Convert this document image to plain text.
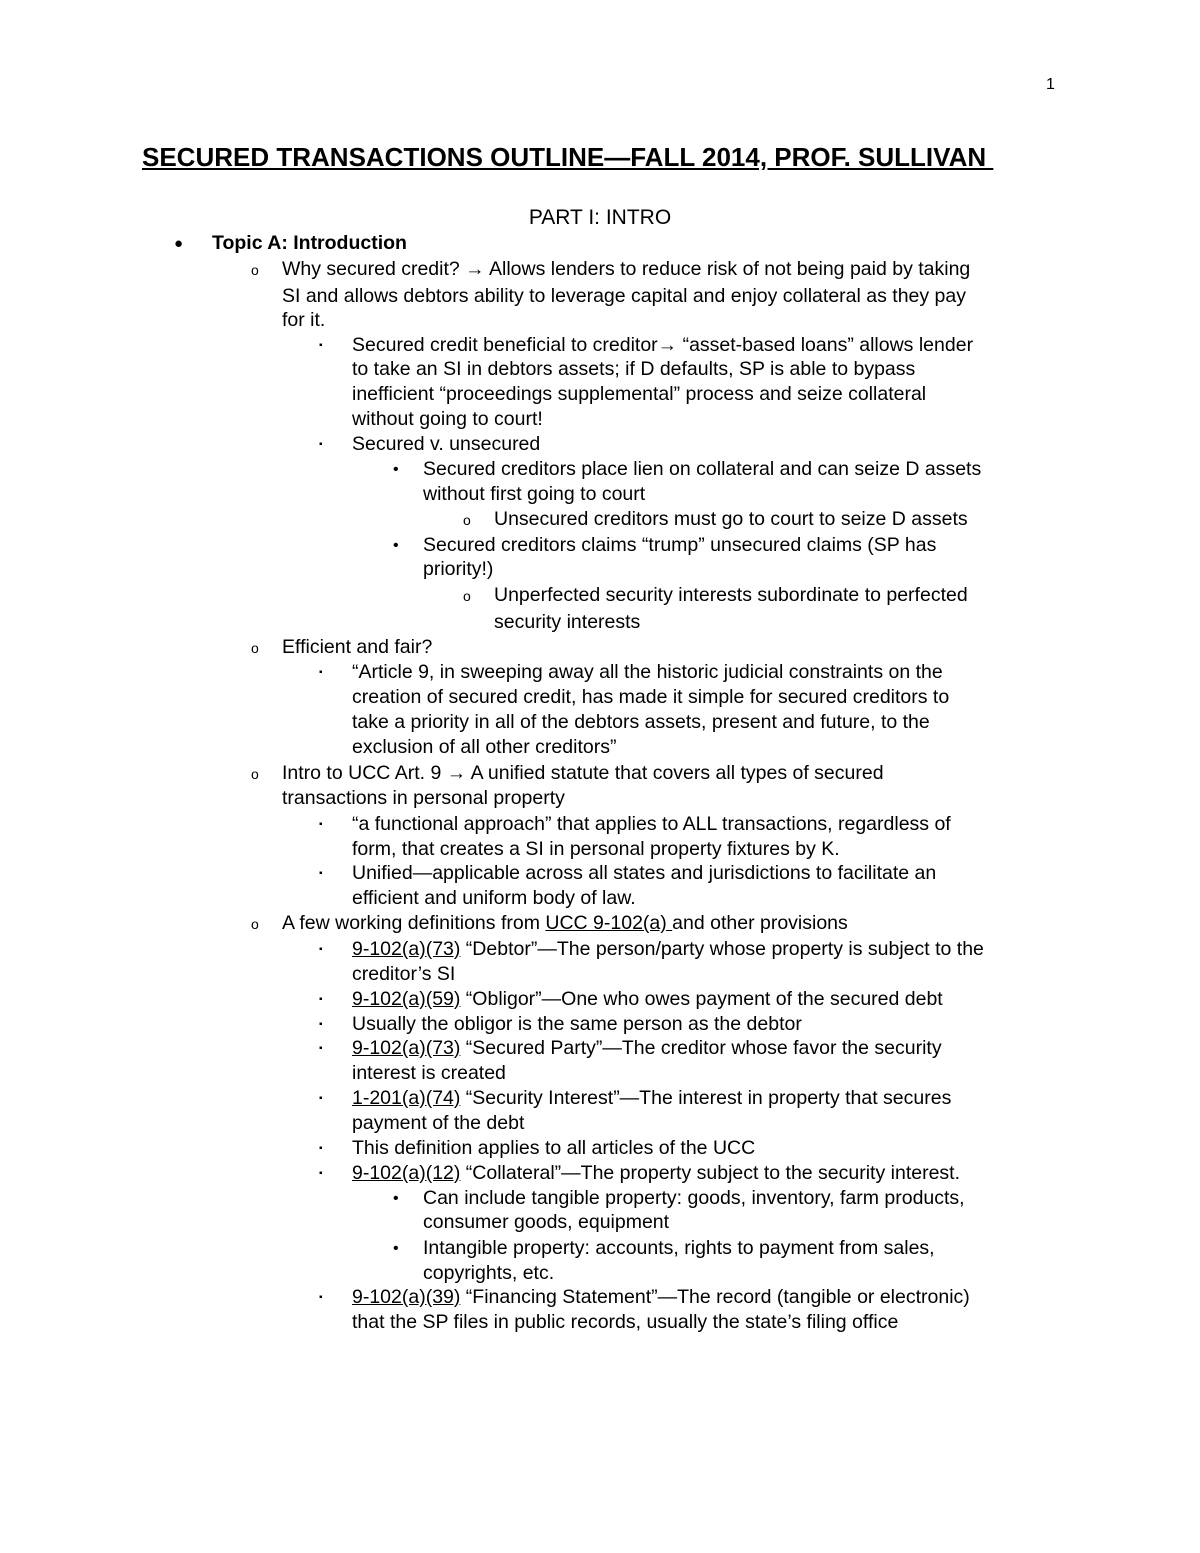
1
SECURED TRANSACTIONS OUTLINE—FALL 2014, PROF. SULLIVAN
PART I: INTRO
● Topic A: Introduction
o Why secured credit? → Allows lenders to reduce risk of not being paid by taking
SI and allows debtors ability to leverage capital and enjoy collateral as they pay
for it.
▪ Secured credit beneficial to creditor→ “asset-based loans” allows lender
to take an SI in debtors assets; if D defaults, SP is able to bypass
inefficient “proceedings supplemental” process and seize collateral
without going to court!
▪ Secured v. unsecured
• Secured creditors place lien on collateral and can seize D assets
without first going to court
o Unsecured creditors must go to court to seize D assets
• Secured creditors claims “trump” unsecured claims (SP has
priority!)
o Unperfected security interests subordinate to perfected
security interests
o Efficient and fair?
▪ “Article 9, in sweeping away all the historic judicial constraints on the
creation of secured credit, has made it simple for secured creditors to
take a priority in all of the debtors assets, present and future, to the
exclusion of all other creditors”
o Intro to UCC Art. 9 → A unified statute that covers all types of secured
transactions in personal property
▪ “a functional approach” that applies to ALL transactions, regardless of
form, that creates a SI in personal property fixtures by K.
▪ Unified—applicable across all states and jurisdictions to facilitate an
efficient and uniform body of law.
o A few working definitions from UCC 9-102(a) and other provisions
▪ 9-102(a)(73) “Debtor”—The person/party whose property is subject to the
creditor’s SI
▪ 9-102(a)(59) “Obligor”—One who owes payment of the secured debt
▪ Usually the obligor is the same person as the debtor
▪ 9-102(a)(73) “Secured Party”—The creditor whose favor the security
interest is created
▪ 1-201(a)(74) “Security Interest”—The interest in property that secures
payment of the debt
▪ This definition applies to all articles of the UCC
▪ 9-102(a)(12) “Collateral”—The property subject to the security interest.
• Can include tangible property: goods, inventory, farm products,
consumer goods, equipment
• Intangible property: accounts, rights to payment from sales,
copyrights, etc.
▪ 9-102(a)(39) “Financing Statement”—The record (tangible or electronic)
that the SP files in public records, usually the state’s filing office
